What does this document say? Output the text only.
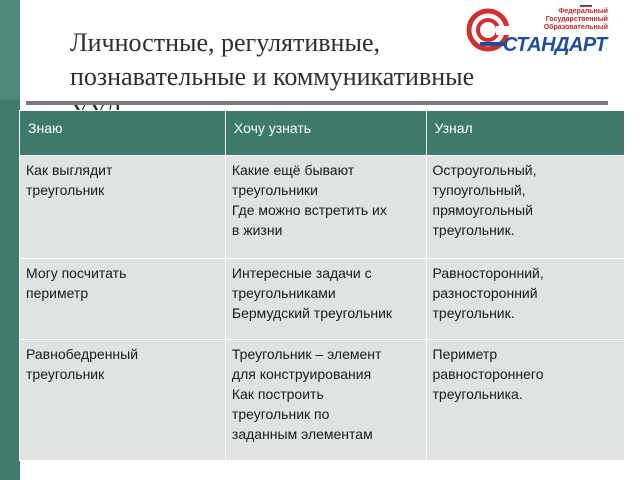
Личностные, регулятивные,
познавательные и коммуникативные
Федеральный
Государственный
Образовательный
СТАНДАРТ
Знаю	Хочу узнать	Узнал

Как выглядит
треугольник	Какие ещё бывают
треугольники
Где можно встретить их
в жизни	Остроугольный,
тупоугольный,
прямоугольный
треугольник.

Могу посчитать
периметр	Интересные задачи с
треугольниками
Бермудский треугольник	Равносторонний,
разносторонний
треугольник.

Равнобедренный
треугольник	Треугольник – элемент
для конструирования
Как построить
треугольник по
заданным элементам	Периметр
равностороннего
треугольника.
